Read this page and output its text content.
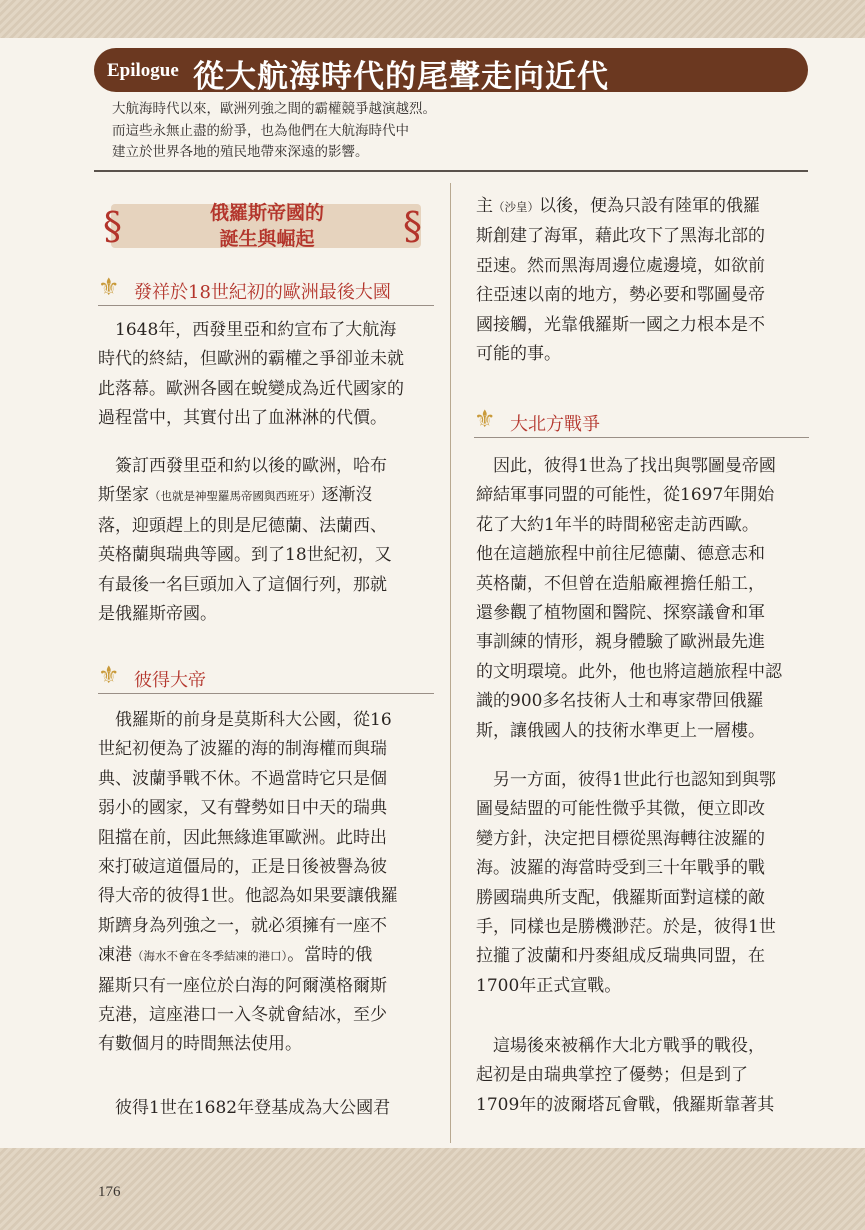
Epilogue 從大航海時代的尾聲走向近代
大航海時代以來，歐洲列強之間的霸權競爭越演越烈。
而這些永無止盡的紛爭，也為他們在大航海時代中
建立於世界各地的殖民地帶來深遠的影響。
§	§
俄羅斯帝國的
誕生與崛起
⚜ 發祥於18世紀初的歐洲最後大國
　1648年，西發里亞和約宣布了大航海
時代的終結，但歐洲的霸權之爭卻並未就
此落幕。歐洲各國在蛻變成為近代國家的
過程當中，其實付出了血淋淋的代價。
　簽訂西發里亞和約以後的歐洲，哈布
斯堡家（也就是神聖羅馬帝國與西班牙）逐漸沒
落，迎頭趕上的則是尼德蘭、法蘭西、
英格蘭與瑞典等國。到了18世紀初，又
有最後一名巨頭加入了這個行列，那就
是俄羅斯帝國。
⚜ 彼得大帝
　俄羅斯的前身是莫斯科大公國，從16
世紀初便為了波羅的海的制海權而與瑞
典、波蘭爭戰不休。不過當時它只是個
弱小的國家，又有聲勢如日中天的瑞典
阻擋在前，因此無緣進軍歐洲。此時出
來打破這道僵局的，正是日後被譽為彼
得大帝的彼得1世。他認為如果要讓俄羅
斯躋身為列強之一，就必須擁有一座不
凍港（海水不會在冬季結凍的港口）。當時的俄
羅斯只有一座位於白海的阿爾漢格爾斯
克港，這座港口一入冬就會結冰，至少
有數個月的時間無法使用。
　彼得1世在1682年登基成為大公國君
主（沙皇）以後，便為只設有陸軍的俄羅
斯創建了海軍，藉此攻下了黑海北部的
亞速。然而黑海周邊位處邊境，如欲前
往亞速以南的地方，勢必要和鄂圖曼帝
國接觸，光靠俄羅斯一國之力根本是不
可能的事。
⚜ 大北方戰爭
　因此，彼得1世為了找出與鄂圖曼帝國
締結軍事同盟的可能性，從1697年開始
花了大約1年半的時間秘密走訪西歐。
他在這趟旅程中前往尼德蘭、德意志和
英格蘭，不但曾在造船廠裡擔任船工，
還參觀了植物園和醫院、探察議會和軍
事訓練的情形，親身體驗了歐洲最先進
的文明環境。此外，他也將這趟旅程中認
識的900多名技術人士和專家帶回俄羅
斯，讓俄國人的技術水準更上一層樓。
　另一方面，彼得1世此行也認知到與鄂
圖曼結盟的可能性微乎其微，便立即改
變方針，決定把目標從黑海轉往波羅的
海。波羅的海當時受到三十年戰爭的戰
勝國瑞典所支配，俄羅斯面對這樣的敵
手，同樣也是勝機渺茫。於是，彼得1世
拉攏了波蘭和丹麥組成反瑞典同盟，在
1700年正式宣戰。
　這場後來被稱作大北方戰爭的戰役，
起初是由瑞典掌控了優勢；但是到了
1709年的波爾塔瓦會戰，俄羅斯靠著其
176
